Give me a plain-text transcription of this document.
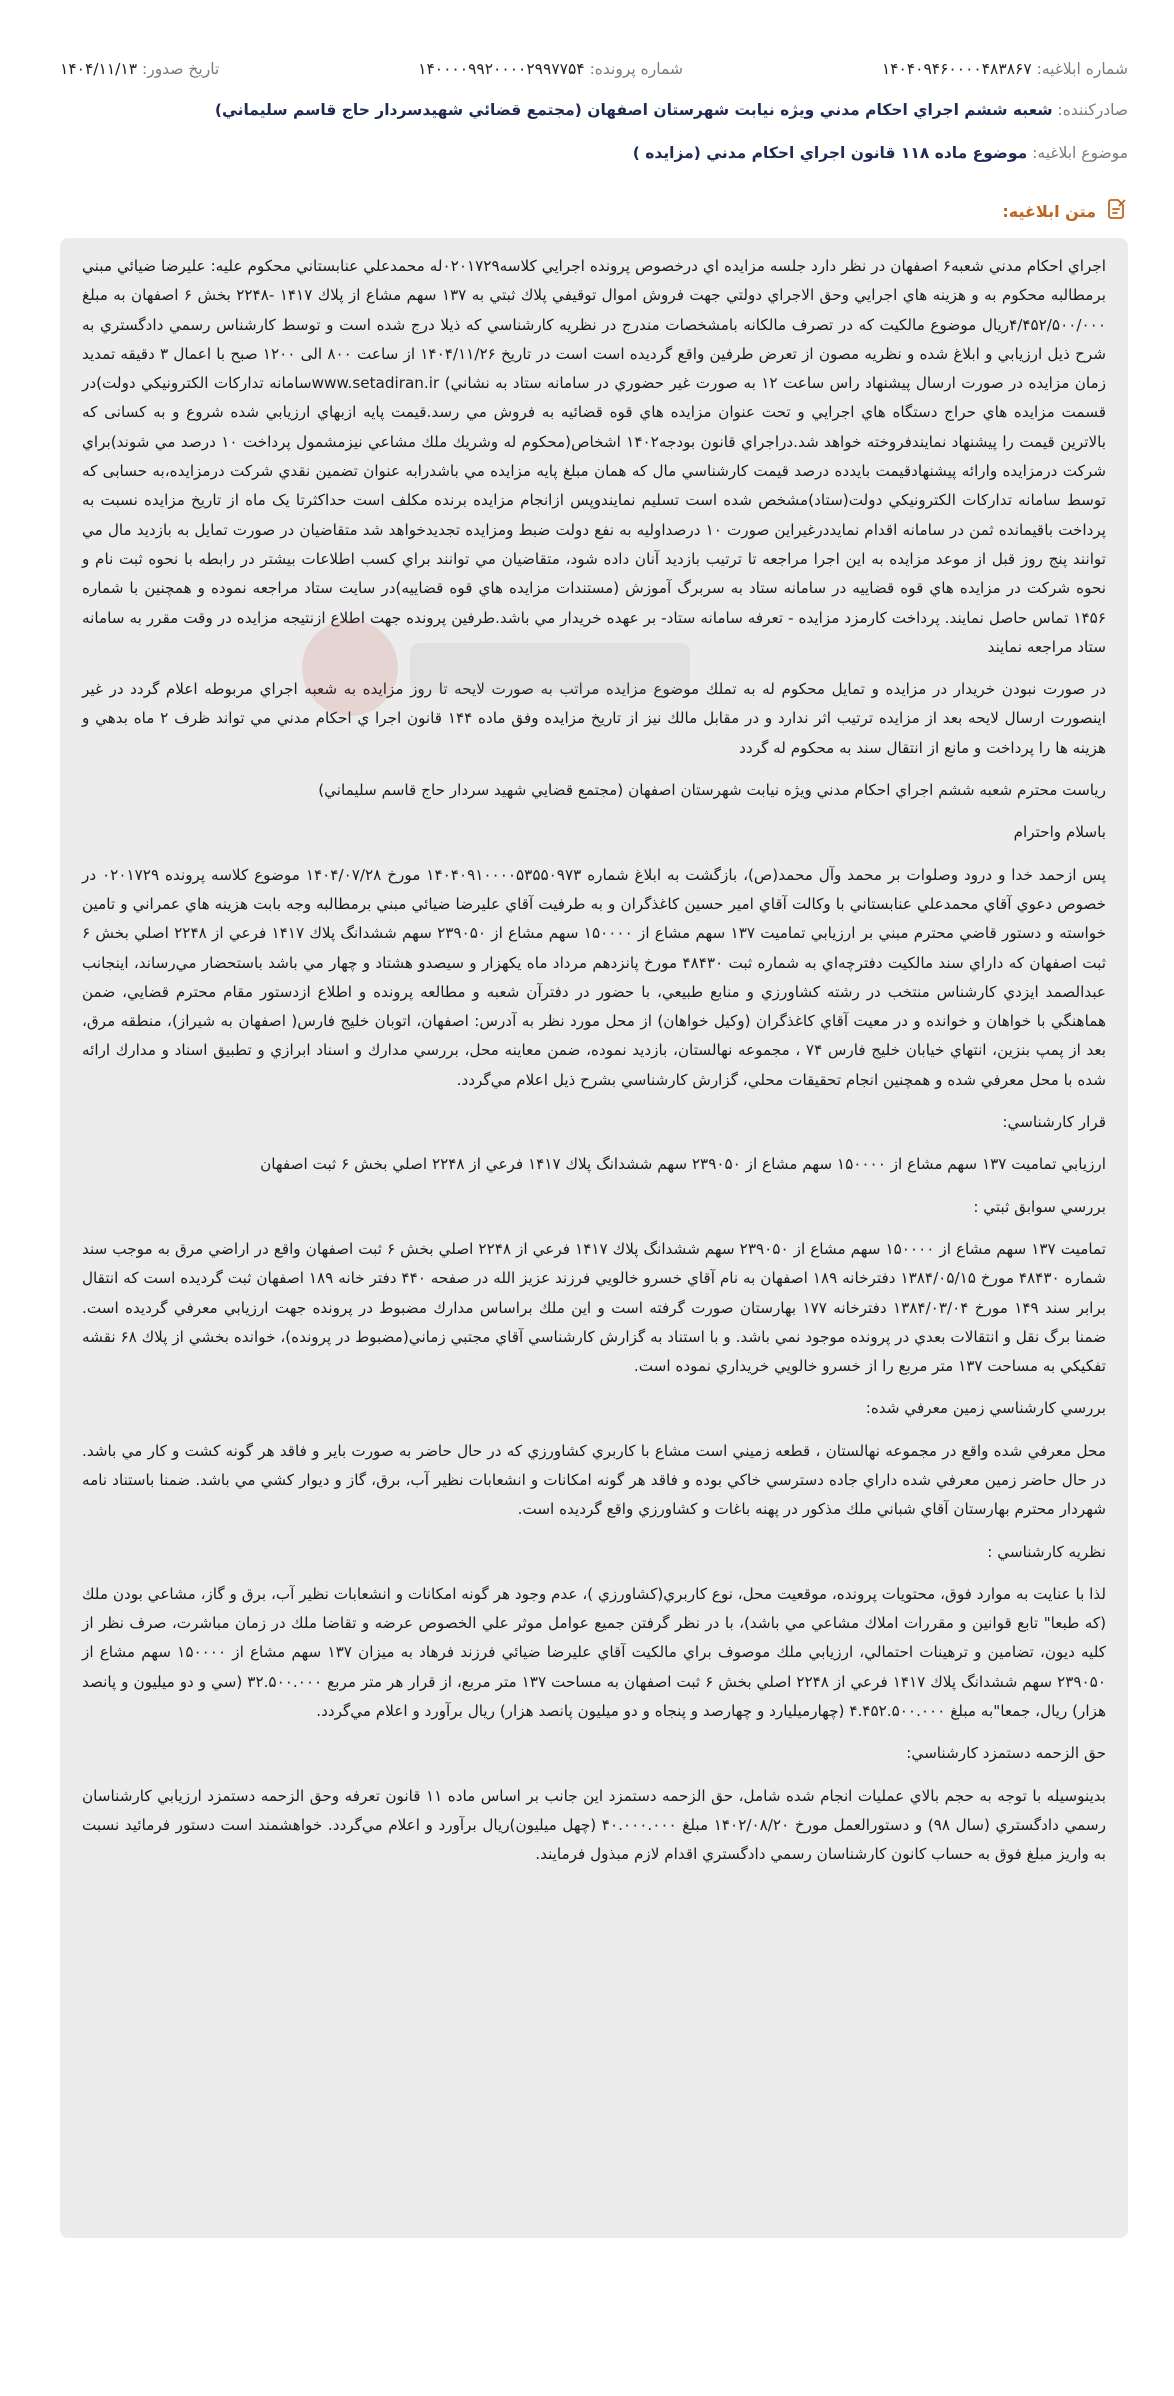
شماره ابلاغیه: ۱۴۰۴۰۹۴۶۰۰۰۰۴۸۳۸۶۷
شماره پرونده: ۱۴۰۰۰۰۹۹۲۰۰۰۰۲۹۹۷۷۵۴
تاریخ صدور: ۱۴۰۴/۱۱/۱۳
صادرکننده: شعبه ششم اجراي احكام مدني ويژه نيابت شهرستان اصفهان (مجتمع قضائي شهيدسردار حاج قاسم سليماني)
موضوع ابلاغیه: موضوع ماده ۱۱۸ قانون اجراي احكام مدني (مزايده )
متن ابلاغیه:

اجراي احكام مدني شعبه۶ اصفهان در نظر دارد جلسه مزايده اي درخصوص پرونده اجرايي كلاسه۰۲۰۱۷۲۹له محمدعلي عنابستاني محكوم عليه: عليرضا ضيائي مبني برمطالبه محكوم به و هزينه هاي اجرايي وحق الاجراي دولتي جهت فروش اموال توقيفي پلاك ثبتي به ۱۳۷ سهم مشاع از پلاك ۱۴۱۷ -۲۲۴۸ بخش ۶ اصفهان به مبلغ ۴/۴۵۲/۵۰۰/۰۰۰ريال موضوع مالكيت كه در تصرف مالكانه بامشخصات مندرج در نظريه كارشناسي كه ذيلا درج شده است و توسط كارشناس رسمي دادگستري به شرح ذيل ارزيابي و ابلاغ شده و نظريه مصون از تعرض طرفين واقع گرديده است است در تاريخ ۱۴۰۴/۱۱/۲۶ از ساعت ۸۰۰ الى ۱۲۰۰ صبح با اعمال ۳ دقيقه تمديد زمان مزايده در صورت ارسال پيشنهاد راس ساعت ۱۲ به صورت غير حضوري در سامانه ستاد به نشاني) www.setadiran.irسامانه تداركات الكترونيكي دولت)در قسمت مزايده هاي حراج دستگاه هاي اجرايي و تحت عنوان مزايده هاي قوه قضائيه به فروش مي رسد.قيمت پايه ازبهاي ارزيابي شده شروع و به كسانى كه بالاترين قيمت را پيشنهاد نمايندفروخته خواهد شد.دراجراي قانون بودجه۱۴۰۲ اشخاص(محكوم له وشريك ملك مشاعي نيزمشمول پرداخت ۱۰ درصد مي شوند)براي شركت درمزايده وارائه پيشنهادقيمت بايدده درصد قيمت كارشناسي مال كه همان مبلغ پايه مزايده مي باشدرابه عنوان تضمين نقدي شركت درمزايده،به حسابى كه توسط سامانه تداركات الكترونيكي دولت(ستاد)مشخص شده است تسليم نمايندوپس ازانجام مزايده برنده مكلف است حداكثرتا يک ماه از تاريخ مزايده نسبت به پرداخت باقيمانده ثمن در سامانه اقدام نمايددرغيراين صورت ۱۰ درصداوليه به نفع دولت ضبط ومزايده تجديدخواهد شد متقاضيان در صورت تمايل به بازديد مال مي توانند پنج روز قبل از موعد مزايده به اين اجرا مراجعه تا ترتيب بازديد آنان داده شود، متقاضيان مي توانند براي كسب اطلاعات بيشتر در رابطه با نحوه ثبت نام و نحوه شركت در مزايده هاي قوه قضاييه در سامانه ستاد به سربرگ آموزش (مستندات مزايده هاي قوه قضاييه)در سايت ستاد مراجعه نموده و همچنين با شماره ۱۴۵۶ تماس حاصل نمايند. پرداخت كارمزد مزايده - تعرفه سامانه ستاد- بر عهده خريدار مي باشد.طرفين پرونده جهت اطلاع ازنتيجه مزايده در وقت مقرر به سامانه ستاد مراجعه نمايند

در صورت نبودن خريدار در مزايده و تمايل محكوم له به تملك موضوع مزايده مراتب به صورت لايحه تا روز مزايده به شعبه اجراي مربوطه اعلام گردد در غير اينصورت ارسال لايحه بعد از مزايده ترتيب اثر ندارد و در مقابل مالك نيز از تاريخ مزايده وفق ماده ۱۴۴ قانون اجرا ي احكام مدني مي تواند ظرف ۲ ماه بدهي و هزينه ها را پرداخت و مانع از انتقال سند به محكوم له گردد

رياست محترم شعبه ششم اجراي احكام مدني ويژه نيابت شهرستان اصفهان (مجتمع قضايي شهيد سردار حاج قاسم سليماني)

باسلام واحترام

پس ازحمد خدا و درود وصلوات بر محمد وآل محمد(ص)، بازگشت به ابلاغ شماره ۱۴۰۴۰۹۱۰۰۰۰۵۳۵۵۰۹۷۳ مورخ ۱۴۰۴/۰۷/۲۸ موضوع كلاسه پرونده ۰۲۰۱۷۲۹ در خصوص دعوي آقاي محمدعلي عنابستاني با وكالت آقاي امير حسين كاغذگران و به طرفيت آقاي عليرضا ضيائي مبني برمطالبه وجه بابت هزينه هاي عمراني و تامين خواسته و دستور قاضي محترم مبني بر ارزيابي تماميت ۱۳۷ سهم مشاع از ۱۵۰۰۰۰ سهم مشاع از ۲۳۹۰۵۰ سهم ششدانگ پلاك ۱۴۱۷ فرعي از ۲۲۴۸ اصلي بخش ۶ ثبت اصفهان كه داراي سند مالكيت دفترچه‌اي به شماره ثبت ۴۸۴۳۰ مورخ پانزدهم مرداد ماه يكهزار و سيصدو هشتاد و چهار مي باشد باستحضار مي‌رساند، اينجانب عبدالصمد ايزدي كارشناس منتخب در رشته كشاورزي و منابع طبيعي، با حضور در دفترآن شعبه و مطالعه پرونده و اطلاع ازدستور مقام محترم قضايي، ضمن هماهنگي با خواهان و خوانده و در معيت آقاي كاغذگران (وكيل خواهان) از محل مورد نظر به آدرس: اصفهان، اتوبان خليج فارس( اصفهان به شيراز)، منطقه مرق، بعد از پمپ بنزين، انتهاي خيابان خليج فارس ۷۴ ، مجموعه نهالستان، بازديد نموده، ضمن معاينه محل، بررسي مدارك و اسناد ابرازي و تطبيق اسناد و مدارك ارائه شده با محل معرفي شده و همچنين انجام تحقيقات محلي، گزارش كارشناسي بشرح ذيل اعلام مي‌گردد.

قرار كارشناسي:

ارزيابي تماميت ۱۳۷ سهم مشاع از ۱۵۰۰۰۰ سهم مشاع از ۲۳۹۰۵۰ سهم ششدانگ پلاك ۱۴۱۷ فرعي از ۲۲۴۸ اصلي بخش ۶ ثبت اصفهان

بررسي سوابق ثبتي :

تماميت ۱۳۷ سهم مشاع از ۱۵۰۰۰۰ سهم مشاع از ۲۳۹۰۵۰ سهم ششدانگ پلاك ۱۴۱۷ فرعي از ۲۲۴۸ اصلي بخش ۶ ثبت اصفهان واقع در اراضي مرق به موجب سند شماره ۴۸۴۳۰ مورخ ۱۳۸۴/۰۵/۱۵ دفترخانه ۱۸۹ اصفهان به نام آقاي خسرو خالويي فرزند عزيز الله در صفحه ۴۴۰ دفتر خانه ۱۸۹ اصفهان ثبت گرديده است كه انتقال برابر سند ۱۴۹ مورخ ۱۳۸۴/۰۳/۰۴ دفترخانه ۱۷۷ بهارستان صورت گرفته است و اين ملك براساس مدارك مضبوط در پرونده جهت ارزيابي معرفي گرديده است. ضمنا برگ نقل و انتقالات بعدي در پرونده موجود نمي باشد. و با استناد به گزارش كارشناسي آقاي مجتبي زماني(مضبوط در پرونده)، خوانده بخشي از پلاك ۶۸ نقشه تفكيكي به مساحت ۱۳۷ متر مربع را از خسرو خالويي خريداري نموده است.

بررسي كارشناسي زمين معرفي شده:

محل معرفي شده واقع در مجموعه نهالستان ، قطعه زميني است مشاع با كاربري كشاورزي كه در حال حاضر به صورت باير و فاقد هر گونه كشت و كار مي باشد. در حال حاضر زمين معرفي شده داراي جاده دسترسي خاكي بوده و فاقد هر گونه امكانات و انشعابات نظير آب، برق، گاز و ديوار كشي مي باشد. ضمنا باستناد نامه شهردار محترم بهارستان آقاي شباني ملك مذكور در پهنه باغات و كشاورزي واقع گرديده است.

نظريه كارشناسي :

لذا با عنايت به موارد فوق، محتويات پرونده، موقعيت محل، نوع كاربري(كشاورزي )، عدم وجود هر گونه امكانات و انشعابات نظير آب، برق و گاز، مشاعي بودن ملك (كه طبعا" تابع قوانين و مقررات املاك مشاعي مي باشد)، با در نظر گرفتن جميع عوامل موثر علي الخصوص عرضه و تقاضا ملك در زمان مباشرت، صرف نظر از كليه ديون، تضامين و ترهينات احتمالي، ارزيابي ملك موصوف براي مالكيت آقاي عليرضا ضيائي فرزند فرهاد به ميزان ۱۳۷ سهم مشاع از ۱۵۰۰۰۰ سهم مشاع از ۲۳۹۰۵۰ سهم ششدانگ پلاك ۱۴۱۷ فرعي از ۲۲۴۸ اصلي بخش ۶ ثبت اصفهان به مساحت ۱۳۷ متر مربع، از قرار هر متر مربع ۳۲.۵۰۰.۰۰۰ (سي و دو ميليون و پانصد هزار) ريال، جمعا"به مبلغ ۴.۴۵۲.۵۰۰.۰۰۰ (چهارميليارد و چهارصد و پنجاه و دو ميليون پانصد هزار) ريال برآورد و اعلام مي‌گردد.

حق الزحمه دستمزد كارشناسي:

بدينوسيله با توجه به حجم بالاي عمليات انجام شده شامل، حق الزحمه دستمزد اين جانب بر اساس ماده ۱۱ قانون تعرفه وحق الزحمه دستمزد ارزيابي كارشناسان رسمي دادگستري (سال ۹۸) و دستورالعمل مورخ ۱۴۰۲/۰۸/۲۰ مبلغ ۴۰.۰۰۰.۰۰۰ (چهل ميليون)ريال برآورد و اعلام مي‌گردد. خواهشمند است دستور فرمائيد نسبت به واريز مبلغ فوق به حساب كانون كارشناسان رسمي دادگستري اقدام لازم مبذول فرمايند.
